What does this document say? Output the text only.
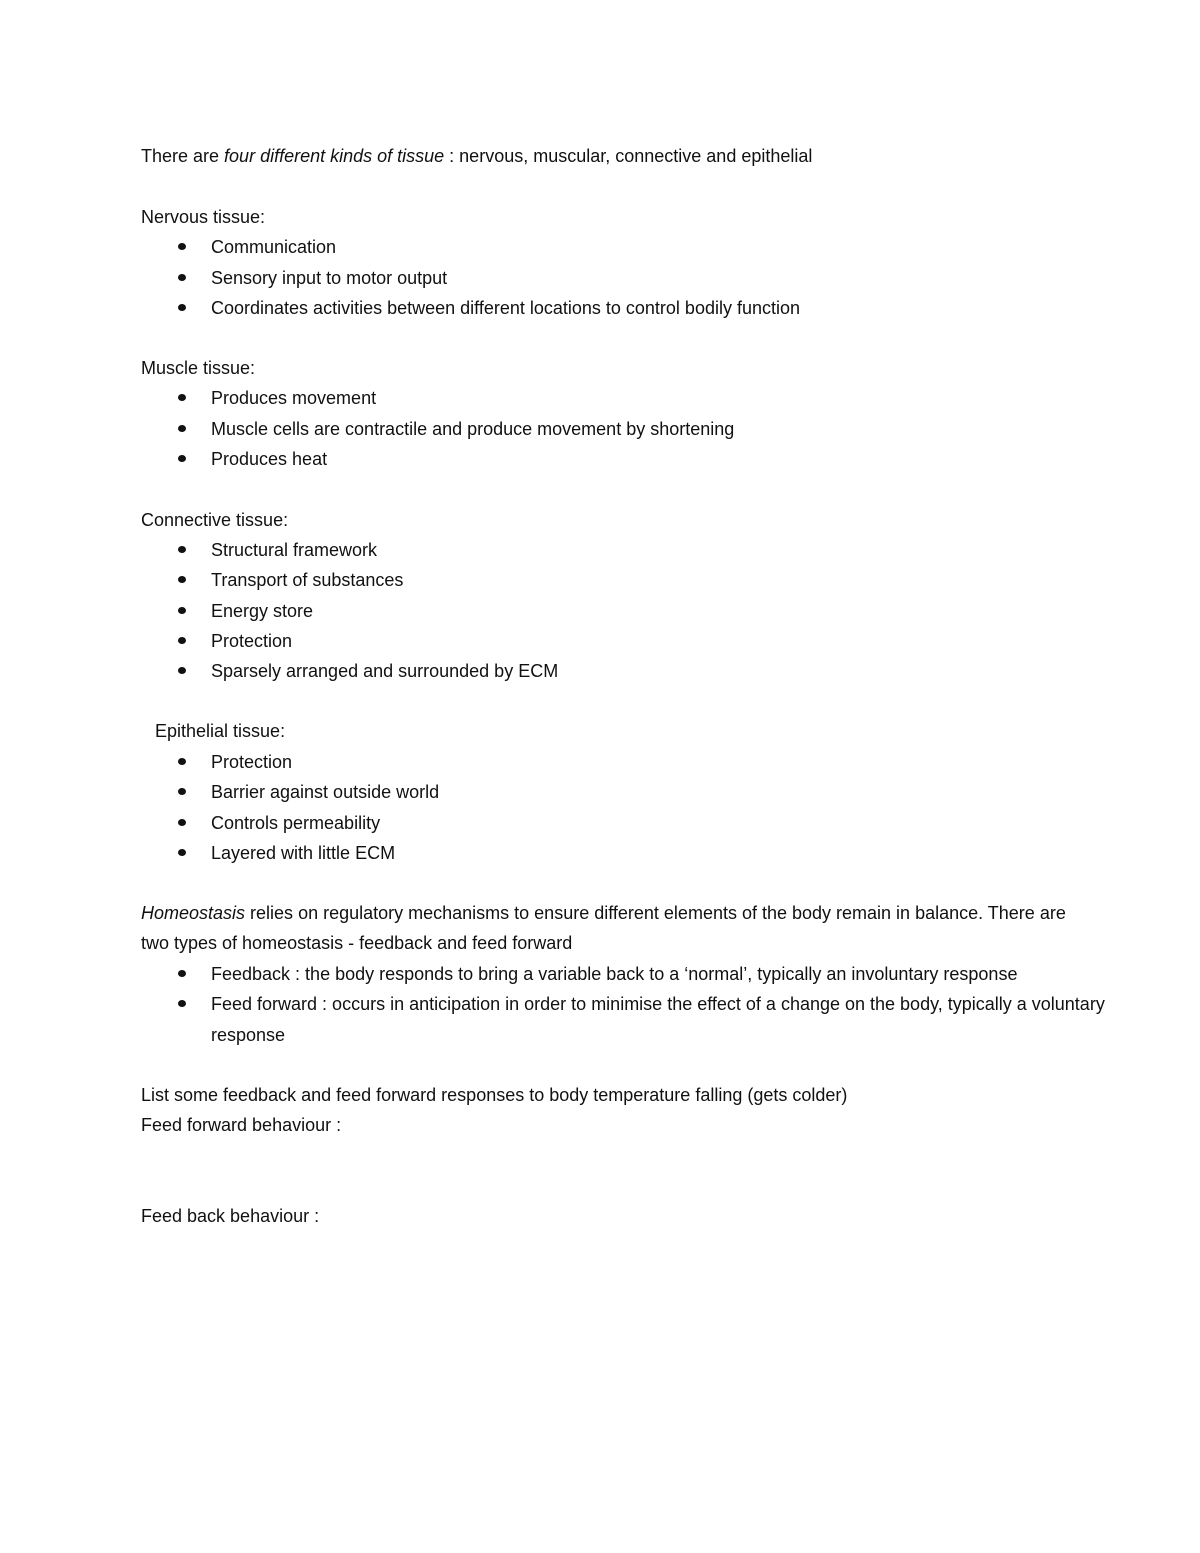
There are four different kinds of tissue : nervous, muscular, connective and epithelial
Nervous tissue:
Communication
Sensory input to motor output
Coordinates activities between different locations to control bodily function
Muscle tissue:
Produces movement
Muscle cells are contractile and produce movement by shortening
Produces heat
Connective tissue:
Structural framework
Transport of substances
Energy store
Protection
Sparsely arranged and surrounded by ECM
Epithelial tissue:
Protection
Barrier against outside world
Controls permeability
Layered with little ECM
Homeostasis relies on regulatory mechanisms to ensure different elements of the body remain in balance. There are
two types of homeostasis - feedback and feed forward
Feedback : the body responds to bring a variable back to a ‘normal’, typically an involuntary response
Feed forward : occurs in anticipation in order to minimise the effect of a change on the body, typically a voluntary response
List some feedback and feed forward responses to body temperature falling (gets colder)
Feed forward behaviour :
Feed back behaviour :
